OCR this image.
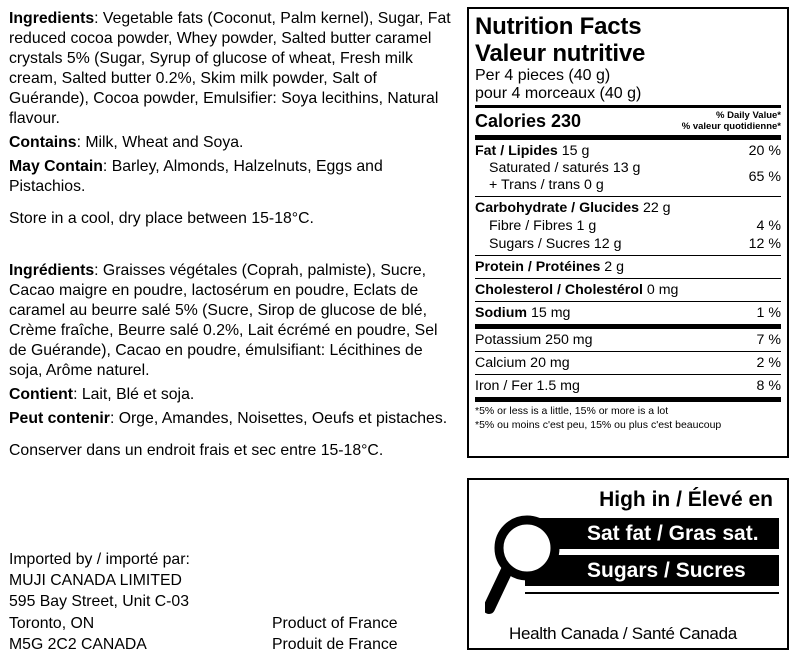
Ingredients: Vegetable fats (Coconut, Palm kernel), Sugar, Fat reduced cocoa powder, Whey powder, Salted butter caramel crystals 5% (Sugar, Syrup of glucose of wheat, Fresh milk cream, Salted butter 0.2%, Skim milk powder, Salt of Guérande), Cocoa powder, Emulsifier: Soya lecithins, Natural flavour.

Contains: Milk, Wheat and Soya.

May Contain: Barley, Almonds, Halzelnuts, Eggs and Pistachios.

Store in a cool, dry place between 15-18°C.

Ingrédients: Graisses végétales (Coprah, palmiste), Sucre, Cacao maigre en poudre, lactosérum en poudre, Eclats de caramel au beurre salé 5% (Sucre, Sirop de glucose de blé, Crème fraîche, Beurre salé 0.2%, Lait écrémé en poudre, Sel de Guérande), Cacao en poudre, émulsifiant: Lécithines de soja, Arôme naturel.

Contient: Lait, Blé et soja.

Peut contenir: Orge, Amandes, Noisettes, Oeufs et pistaches.

Conserver dans un endroit frais et sec entre 15-18°C.

Imported by / importé par:
MUJI CANADA LIMITED
595 Bay Street, Unit C-03
Toronto, ON
M5G 2C2 CANADA
Product of France
Produit de France
Nutrition Facts
Valeur nutritive
Per 4 pieces (40 g)
pour 4 morceaux (40 g)
Calories 230	% Daily Value*
% valeur quotidienne*
Fat / Lipides 15 g	20 %
Saturated / saturés 13 g
+ Trans / trans 0 g	65 %
Carbohydrate / Glucides 22 g
Fibre / Fibres 1 g	4 %
Sugars / Sucres 12 g	12 %
Protein / Protéines 2 g
Cholesterol / Cholestérol 0 mg
Sodium 15 mg	1 %
Potassium 250 mg	7 %
Calcium 20 mg	2 %
Iron / Fer 1.5 mg	8 %
*5% or less is a little, 15% or more is a lot
*5% ou moins c'est peu, 15% ou plus c'est beaucoup
High in / Élevé en
Sat fat / Gras sat.
Sugars / Sucres
Health Canada / Santé Canada
